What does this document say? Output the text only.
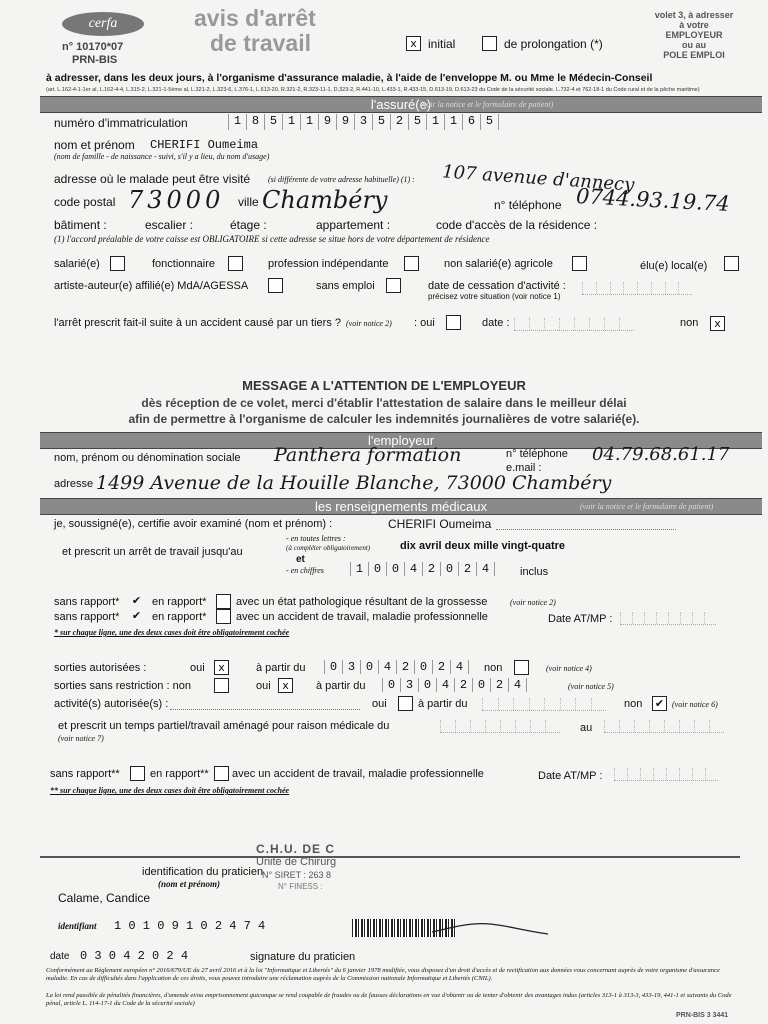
cerfa
n° 10170*07
PRN-BIS
avis d'arrêt
de travail	x initial	de prolongation (*)
volet 3, à adresser
à votre
EMPLOYEUR
ou au
POLE EMPLOI
à adresser, dans les deux jours, à l'organisme d'assurance maladie, à l'aide de l'enveloppe M. ou Mme le Médecin-Conseil
(art. L.162-4-1-1er al, L.162-4-4, L.315-2, L.321-1-5ème al, L.321-2, L.323-6, L.376-1, L.613-20, R.321-2, R.323-11-1, D.323-2, R.441-10, L.433-1, R.433-15, D.613-19, D.613-23 du Code de la sécurité sociale, L.732-4 et 762-18-1 du Code rural et de la pêche maritime)
l'assuré(e)
(voir la notice et le formulaire de patient)
numéro d'immatriculation	1 8 5 1 1 9 9 3 5 2 5 1 1 6 5
nom et prénom CHERIFI Oumeima
(nom de famille - de naissance - suivi, s'il y a lieu, du nom d'usage)
adresse où le malade peut être visité (si différente de votre adresse habituelle) (1) : 107 avenue d'annecy
code postal 73000 ville Chambéry	n° téléphone 0744.93.19.74
bâtiment :	escalier :	étage :	appartement :	code d'accès de la résidence :
(1) l'accord préalable de votre caisse est OBLIGATOIRE si cette adresse se situe hors de votre département de résidence
salarié(e)	fonctionnaire	profession indépendante	non salarié(e) agricole	élu(e) local(e)
artiste-auteur(e) affilié(e) MdA/AGESSA	sans emploi	date de cessation d'activité :
précisez votre situation (voir notice 1)
l'arrêt prescrit fait-il suite à un accident causé par un tiers ? (voir notice 2) : oui	date :	non	x
MESSAGE A L'ATTENTION DE L'EMPLOYEUR
dès réception de ce volet, merci d'établir l'attestation de salaire dans le meilleur délai
afin de permettre à l'organisme de calculer les indemnités journalières de votre salarié(e).
l'employeur
nom, prénom ou dénomination sociale Panthera formation	n° téléphone 04.79.68.61.17
e.mail :
adresse 1499 Avenue de la Houille Blanche, 73000 Chambéry
les renseignements médicaux	(voir la notice et le formulaire de patient)
je, soussigné(e), certifie avoir examiné (nom et prénom) :	CHERIFI Oumeima
et prescrit un arrêt de travail jusqu'au
- en toutes lettres :
(à compléter obligatoirement)	dix avril deux mille vingt-quatre
et
- en chiffres	1 0 0 4 2 0 2 4	inclus
sans rapport* ✔ en rapport*	avec un état pathologique résultant de la grossesse	(voir notice 2)
sans rapport* ✔ en rapport*	avec un accident de travail, maladie professionnelle	Date AT/MP :
* sur chaque ligne, une des deux cases doit être obligatoirement cochée
sorties autorisées :	oui	x	à partir du	0 3 0 4 2 0 2 4	non	(voir notice 4)
sorties sans restriction : non	oui	x	à partir du	0 3 0 4 2 0 2 4	(voir notice 5)
activité(s) autorisée(s) :	oui	à partir du	non ✔ (voir notice 6)
et prescrit un temps partiel/travail aménagé pour raison médicale du	au
(voir notice 7)
sans rapport**	en rapport** avec un accident de travail, maladie professionnelle	Date AT/MP :
** sur chaque ligne, une des deux cases doit être obligatoirement cochée
C.H.U. DE C
Unité de Chirurg
N° SIRET : 263 8
N° FINESS :
identification du praticien
(nom et prénom)
Calame, Candice
identifiant 1 0 1 0 9 1 0 2 4 7 4
date 0 3 0 4 2 0 2 4	signature du praticien
Conformément au Règlement européen n° 2016/679/UE du 27 avril 2016 et à la loi "Informatique et Libertés" du 6 janvier 1978 modifiée, vous disposez d'un droit d'accès et de rectification aux données vous concernant auprès de votre organisme d'assurance maladie. En cas de difficultés dans l'application de ces droits, vous pouvez introduire une réclamation auprès de la Commission nationale Informatique et Libertés (CNIL).
La loi rend passible de pénalités financières, d'amende et/ou emprisonnement quiconque se rend coupable de fraudes ou de fausses déclarations en vue d'obtenir ou de tenter d'obtenir des avantages indus (articles 313-1 à 313-3, 433-19, 441-1 et suivants du Code pénal, article L. 114-17-1 du Code de la sécurité sociale)
PRN-BIS 3 3441
